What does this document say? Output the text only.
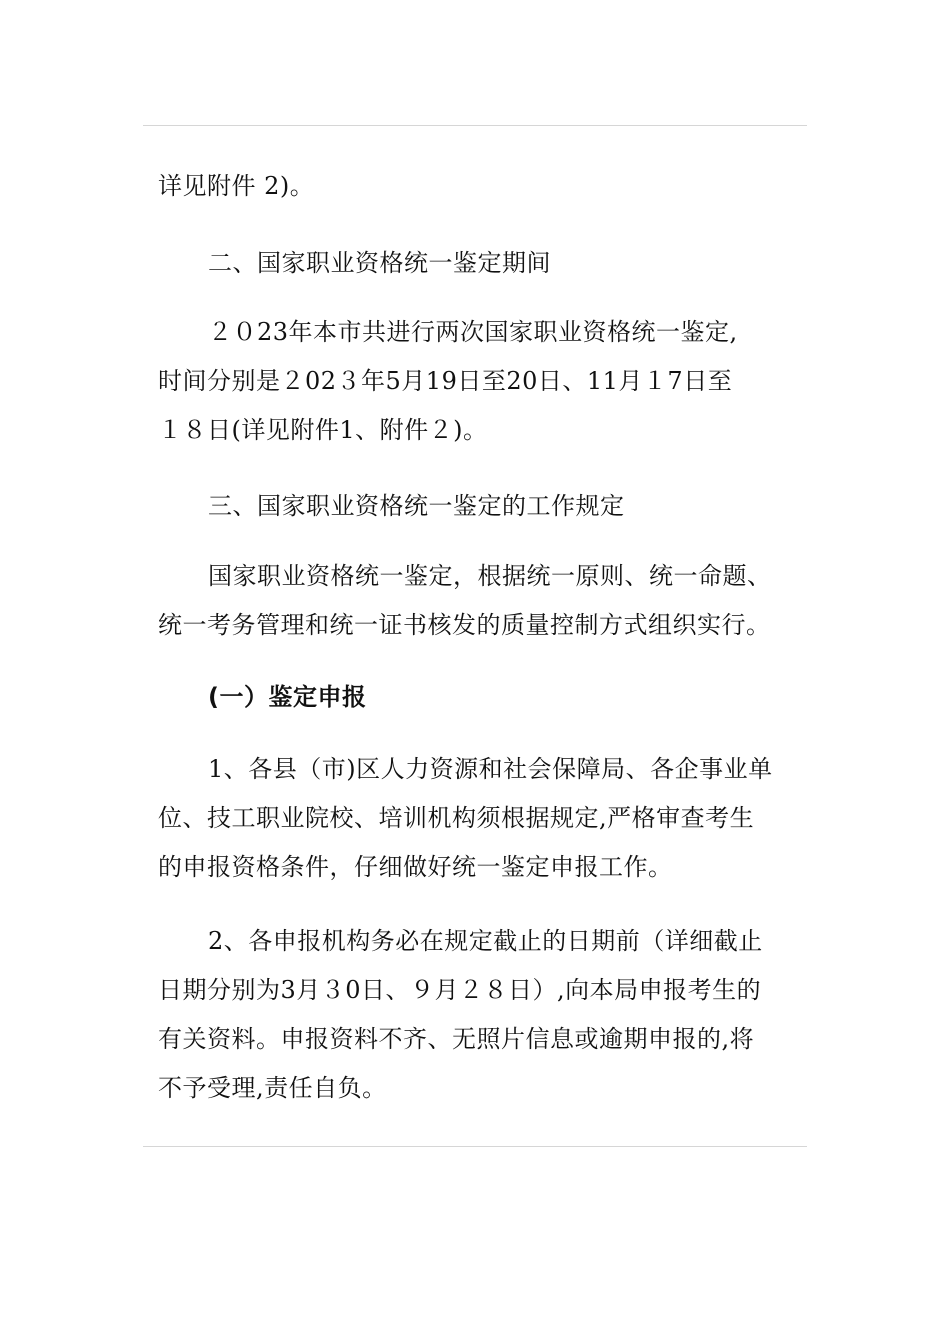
详见附件 2)。
二、国家职业资格统一鉴定期间
２０23年本市共进行两次国家职业资格统一鉴定,
时间分别是２02３年5月19日至20日、11月１7日至
１８日(详见附件1、附件２)。
三、国家职业资格统一鉴定的工作规定
国家职业资格统一鉴定，根据统一原则、统一命题、
统一考务管理和统一证书核发的质量控制方式组织实行。
(一）鉴定申报
1、各县（市)区人力资源和社会保障局、各企事业单
位、技工职业院校、培训机构须根据规定,严格审查考生
的申报资格条件，仔细做好统一鉴定申报工作。
2、各申报机构务必在规定截止的日期前（详细截止
日期分别为3月３0日、９月２８日）,向本局申报考生的
有关资料。申报资料不齐、无照片信息或逾期申报的,将
不予受理,责任自负。
